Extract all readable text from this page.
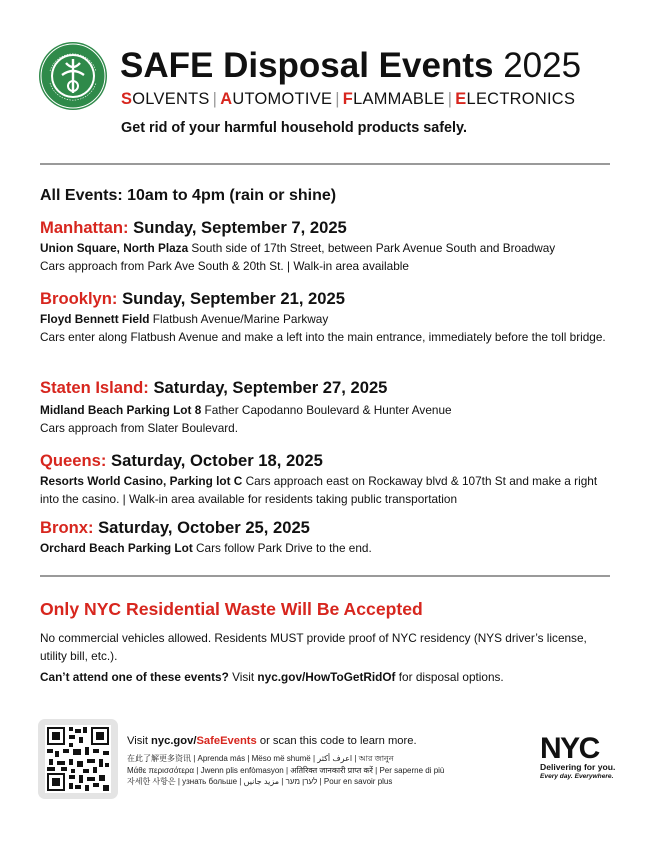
SAFE Disposal Events 2025
SOLVENTS | AUTOMOTIVE | FLAMMABLE | ELECTRONICS
Get rid of your harmful household products safely.
All Events: 10am to 4pm (rain or shine)
Manhattan: Sunday, September 7, 2025
Union Square, North Plaza South side of 17th Street, between Park Avenue South and Broadway
Cars approach from Park Ave South & 20th St. | Walk-in area available
Brooklyn: Sunday, September 21, 2025
Floyd Bennett Field Flatbush Avenue/Marine Parkway
Cars enter along Flatbush Avenue and make a left into the main entrance, immediately before the toll bridge.
Staten Island: Saturday, September 27, 2025
Midland Beach Parking Lot 8 Father Capodanno Boulevard & Hunter Avenue
Cars approach from Slater Boulevard.
Queens: Saturday, October 18, 2025
Resorts World Casino, Parking lot C Cars approach east on Rockaway blvd & 107th St and make a right into the casino. | Walk-in area available for residents taking public transportation
Bronx: Saturday, October 25, 2025
Orchard Beach Parking Lot Cars follow Park Drive to the end.
Only NYC Residential Waste Will Be Accepted
No commercial vehicles allowed. Residents MUST provide proof of NYC residency (NYS driver’s license, utility bill, etc.).
Can’t attend one of these events? Visit nyc.gov/HowToGetRidOf for disposal options.
Visit nyc.gov/SafeEvents or scan this code to learn more.
在此了解更多资讯 | Aprenda más | Mëso më shumë | اعرف أكثر | আর জানুন
Μάθε περισσότερα | Jwenn plis enfòmasyon | अतिरिक्त जानकारी प्राप्त करें | Per saperne di più
자세한 사항은 | узнать больше | לערן מער | مزید جانیں | Pour en savoir plus
NYC
Delivering for you.
Every day. Everywhere.
